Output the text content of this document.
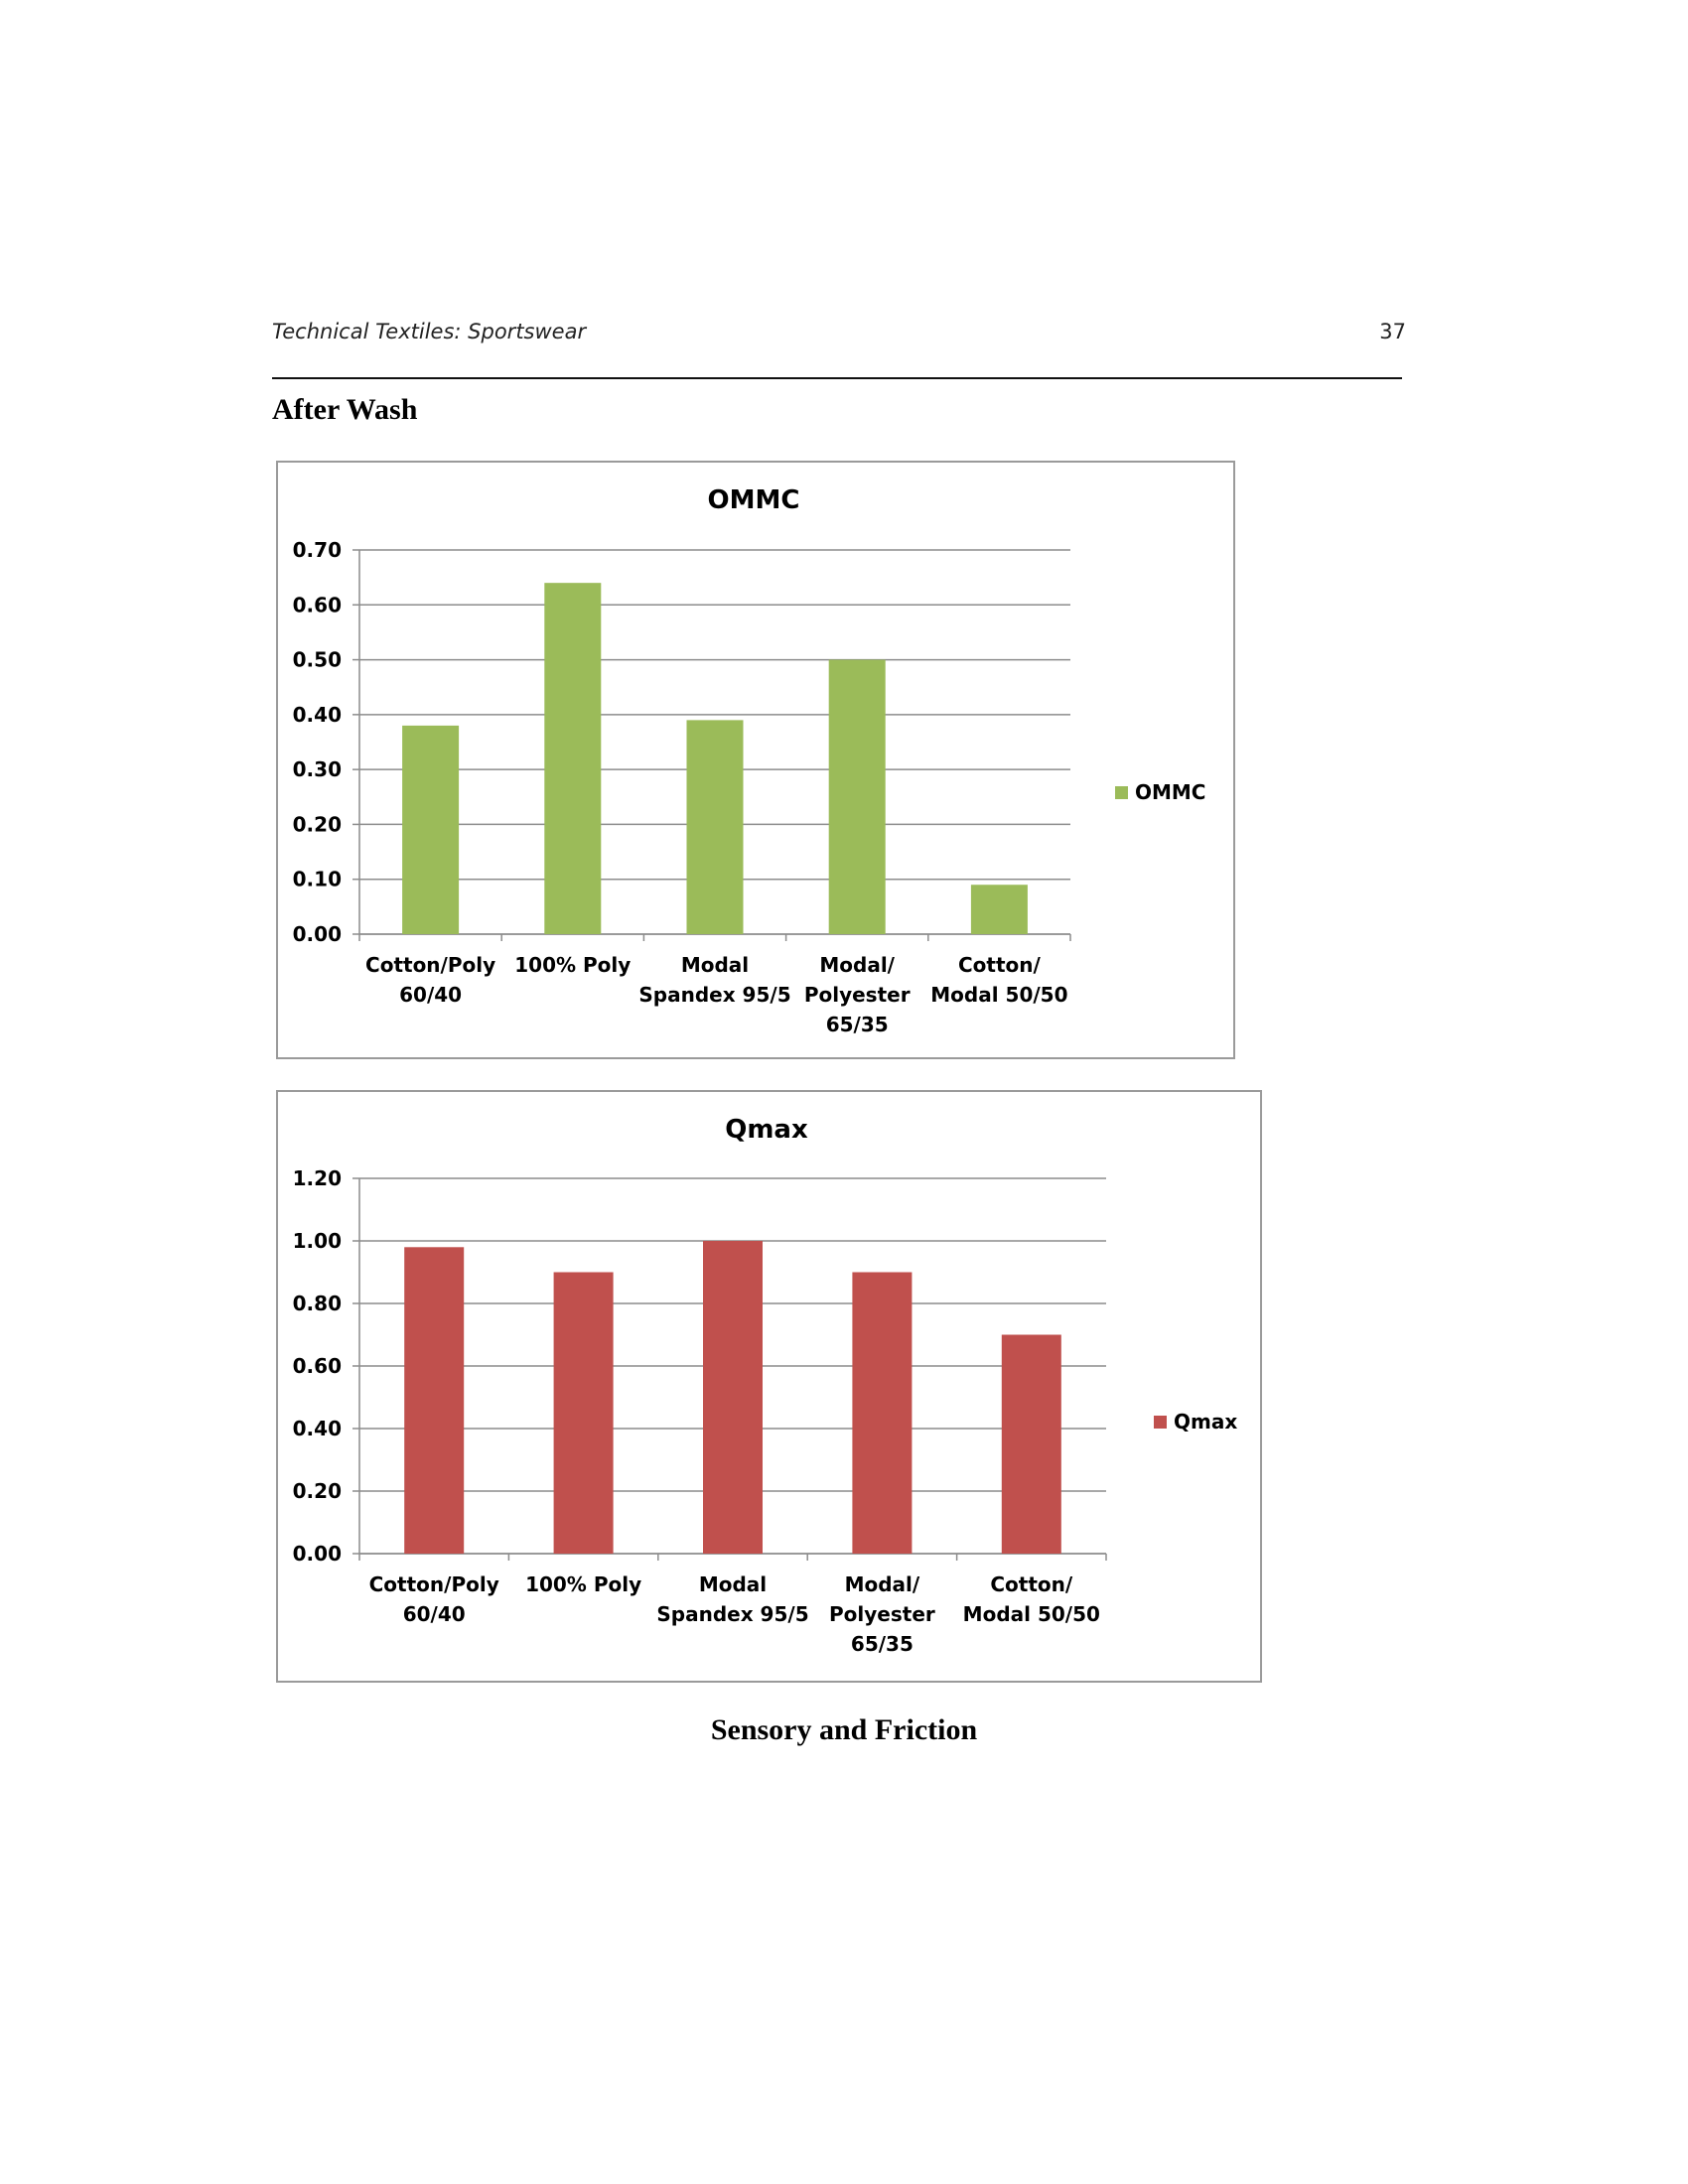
Technical Textiles: Sportswear	37
After Wash
OMMC
0.00
0.10
0.20
0.30
0.40
0.50
0.60
0.70
Cotton/Poly
60/40
100% Poly	Modal
Spandex 95/5
Modal/
Polyester
65/35
Cotton/
Modal 50/50
OMMC
Qmax
0.00
0.20
0.40
0.60
0.80
1.00
1.20
Cotton/Poly
60/40
100% Poly	Modal
Spandex 95/5
Modal/
Polyester
65/35
Cotton/
Modal 50/50
Qmax
Sensory and Friction
